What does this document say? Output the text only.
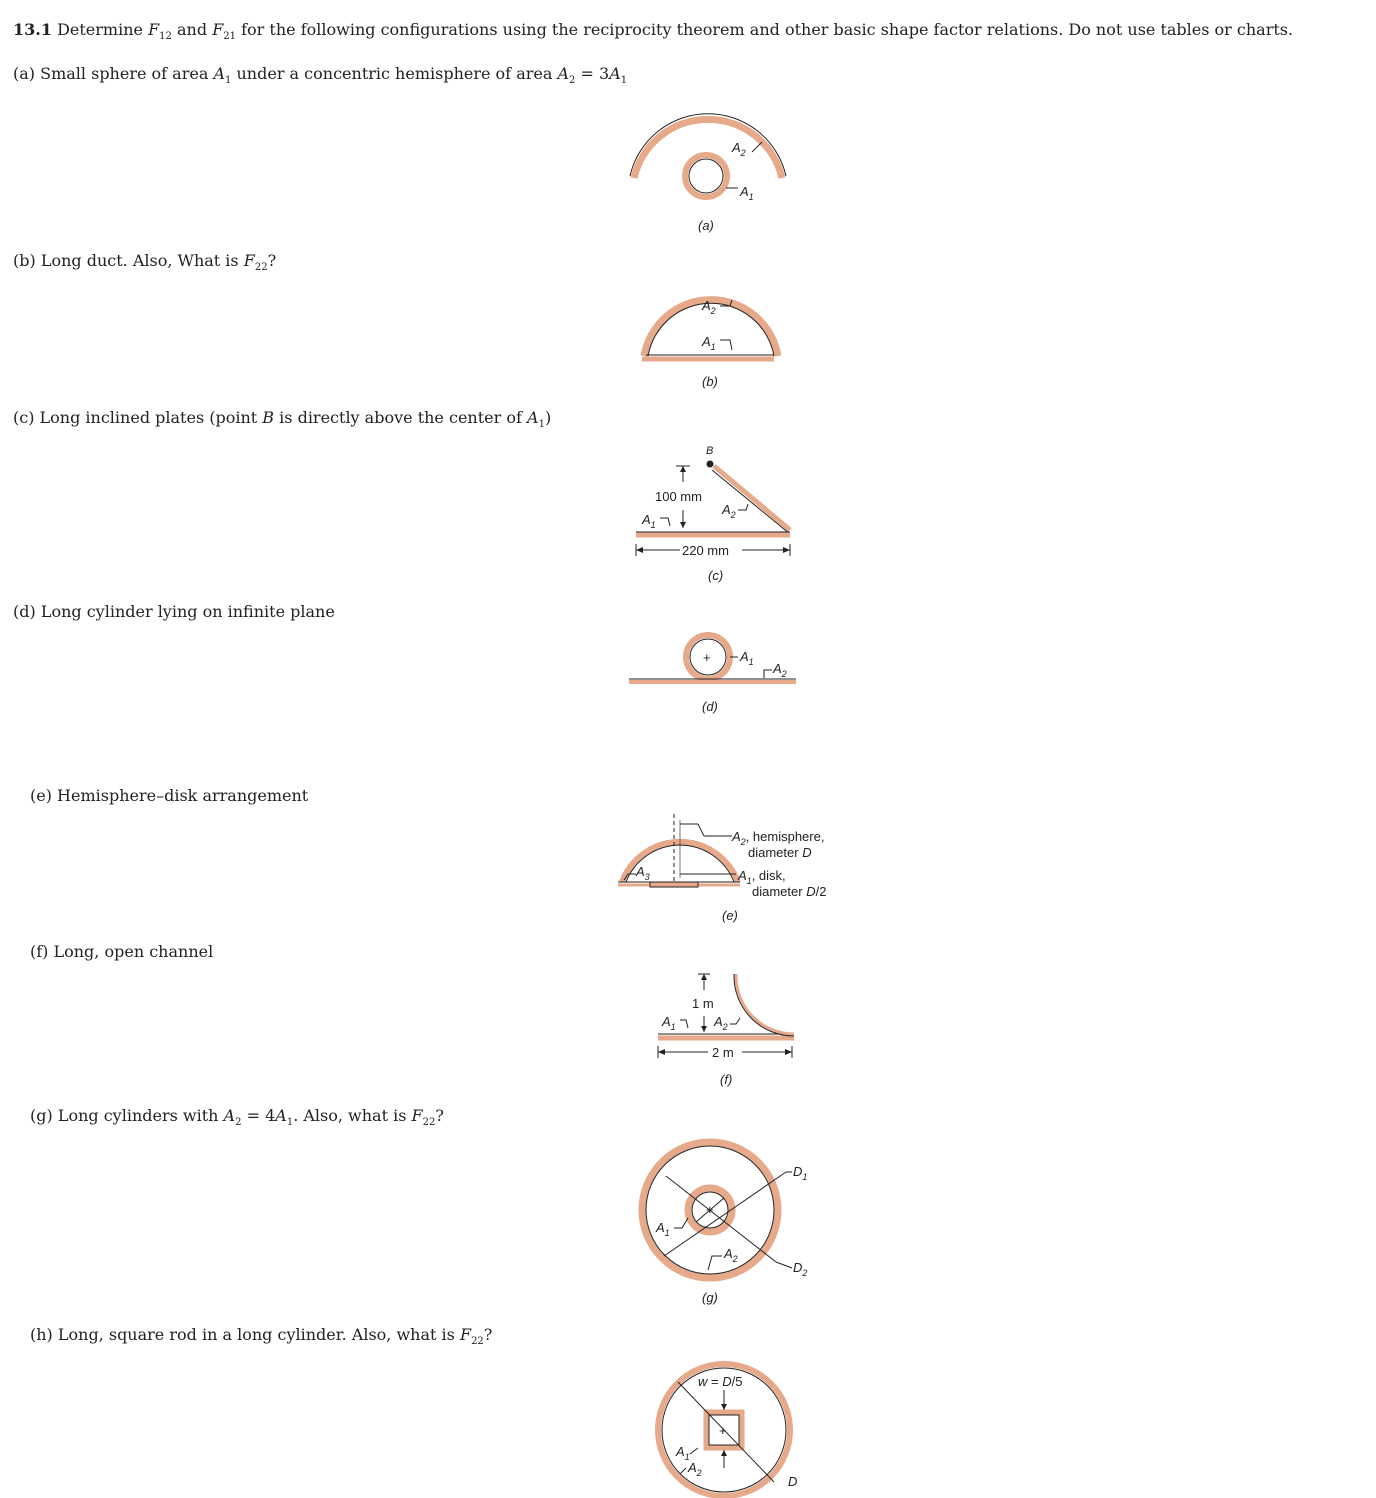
13.1 Determine $F_{12}$ and $F_{21}$ for the following configurations using the reciprocity theorem and other basic shape factor relations. Do not use tables or charts.
(a) Small sphere of area $A_1$ under a concentric hemisphere of area $A_2 = 3A_1$
$A_2$
$A_1$
(a)
(b) Long duct. Also, What is $F_{22}$?
$A_2$
$A_1$
(b)
(c) Long inclined plates (point B is directly above the center of $A_1$)
B
100 mm
$A_1$
$A_2$
220 mm
(c)
(d) Long cylinder lying on infinite plane
+ $A_1$ $A_2$
(d)
(e) Hemisphere–disk arrangement
$A_2$, hemisphere,
diameter D
$A_1$, disk,
diameter D/2
$A_3$
(e)
(f) Long, open channel
1 m
$A_1$	$A_2$
2 m
(f)
(g) Long cylinders with $A_2 = 4A_1$. Also, what is $F_{22}$?
+
$D_1$
$D_2$
$A_1$
$A_2$
(g)
(h) Long, square rod in a long cylinder. Also, what is $F_{22}$?
+
w = D/5
$A_1$
$A_2$
D
